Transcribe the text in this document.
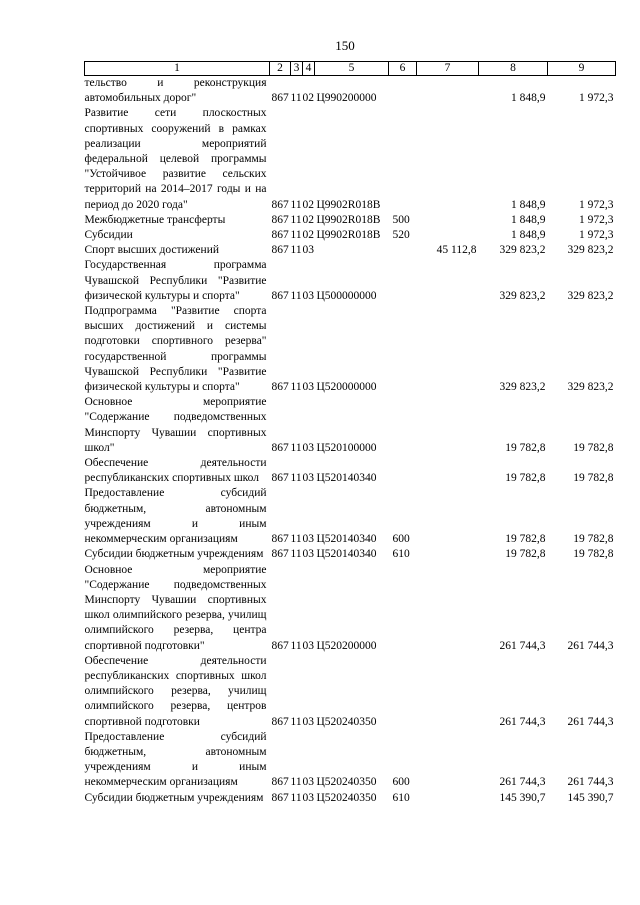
150
1	2	3	4	5	6	7	8	9
тельство и реконструкция автомобильных дорог"	867	11	02	Ц990200000			1 848,9	1 972,3
Развитие сети плоскостных спортивных сооружений в рамках реализации мероприятий федеральной целевой программы "Устойчивое развитие сельских территорий на 2014–2017 годы и на период до 2020 года"	867	11	02	Ц9902R018В			1 848,9	1 972,3
Межбюджетные трансферты	867	11	02	Ц9902R018В	500		1 848,9	1 972,3
Субсидии	867	11	02	Ц9902R018В	520		1 848,9	1 972,3
Спорт высших достижений	867	11	03			45 112,8	329 823,2	329 823,2
Государственная программа Чувашской Республики "Развитие физической культуры и спорта"	867	11	03	Ц500000000			329 823,2	329 823,2
Подпрограмма "Развитие спорта высших достижений и системы подготовки спортивного резерва" государственной программы Чувашской Республики "Развитие физической культуры и спорта"	867	11	03	Ц520000000			329 823,2	329 823,2
Основное мероприятие "Содержание подведомственных Минспорту Чувашии спортивных школ"	867	11	03	Ц520100000			19 782,8	19 782,8
Обеспечение деятельности республиканских спортивных школ	867	11	03	Ц520140340			19 782,8	19 782,8
Предоставление субсидий бюджетным, автономным учреждениям и иным некоммерческим организациям	867	11	03	Ц520140340	600		19 782,8	19 782,8
Субсидии бюджетным учреждениям	867	11	03	Ц520140340	610		19 782,8	19 782,8
Основное мероприятие "Содержание подведомственных Минспорту Чувашии спортивных школ олимпийского резерва, училищ олимпийского резерва, центра спортивной подготовки"	867	11	03	Ц520200000			261 744,3	261 744,3
Обеспечение деятельности республиканских спортивных школ олимпийского резерва, училищ олимпийского резерва, центров спортивной подготовки	867	11	03	Ц520240350			261 744,3	261 744,3
Предоставление субсидий бюджетным, автономным учреждениям и иным некоммерческим организациям	867	11	03	Ц520240350	600		261 744,3	261 744,3
Субсидии бюджетным учреждениям	867	11	03	Ц520240350	610		145 390,7	145 390,7
